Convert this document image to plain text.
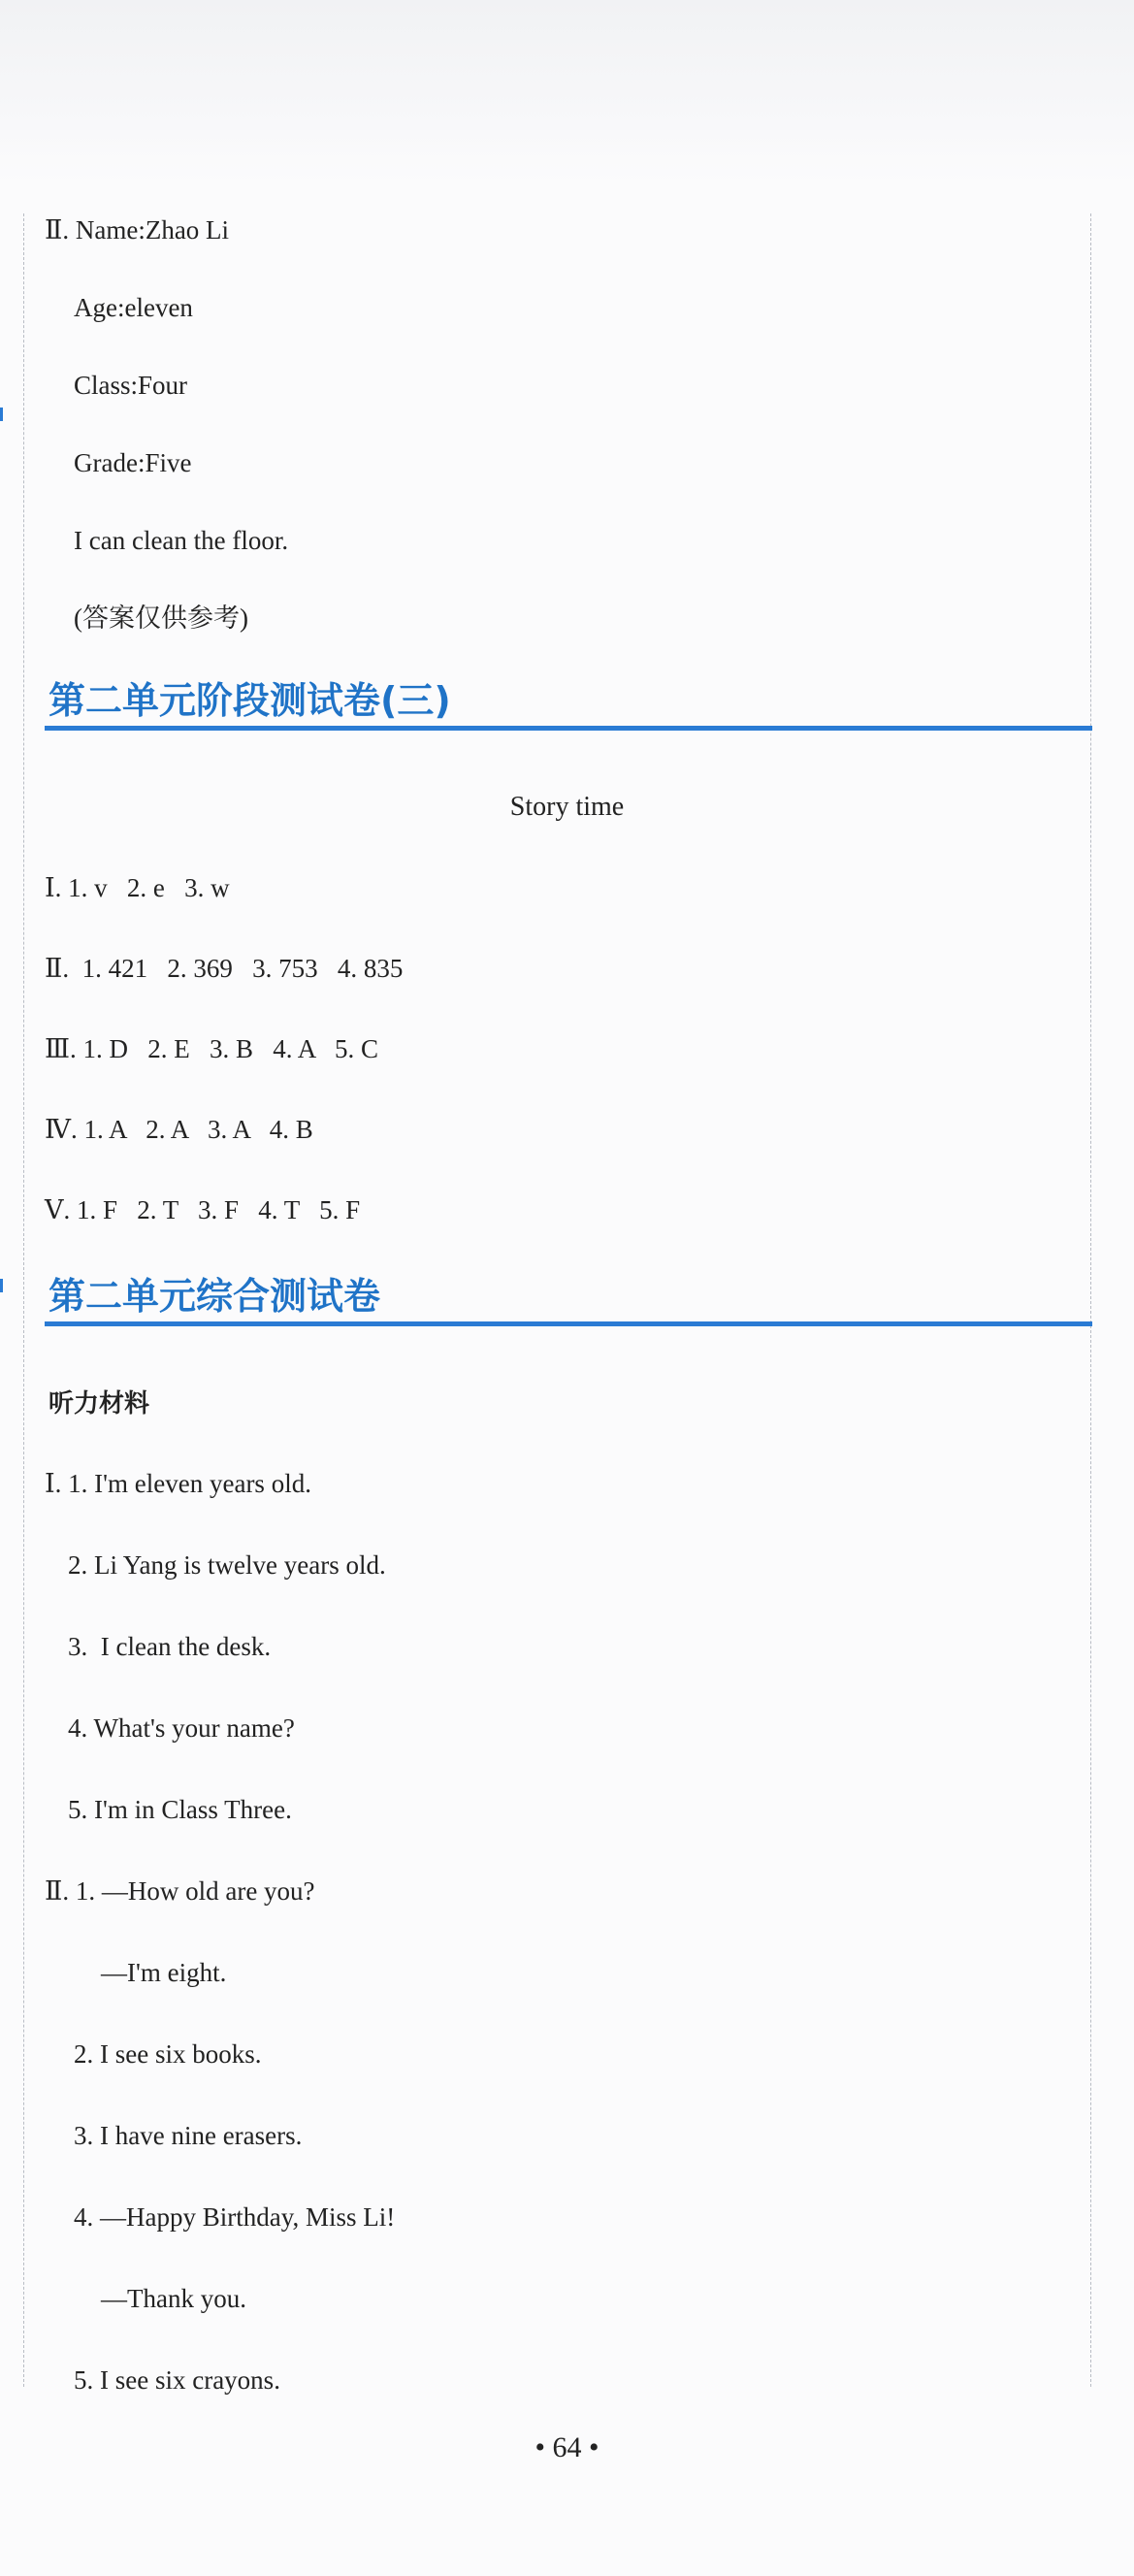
Ⅱ. Name:Zhao Li
Age:eleven
Class:Four
Grade:Five
I can clean the floor.
(答案仅供参考)
第二单元阶段测试卷(三)
Story time
Ⅰ. 1. v   2. e   3. w
Ⅱ.  1. 421   2. 369   3. 753   4. 835
Ⅲ. 1. D   2. E   3. B   4. A   5. C
Ⅳ. 1. A   2. A   3. A   4. B
Ⅴ. 1. F   2. T   3. F   4. T   5. F
第二单元综合测试卷
听力材料
Ⅰ. 1. I'm eleven years old.
2. Li Yang is twelve years old.
3.  I clean the desk.
4. What's your name?
5. I'm in Class Three.
Ⅱ. 1. —How old are you?
—I'm eight.
2. I see six books.
3. I have nine erasers.
4. —Happy Birthday, Miss Li!
—Thank you.
5. I see six crayons.
• 64 •
